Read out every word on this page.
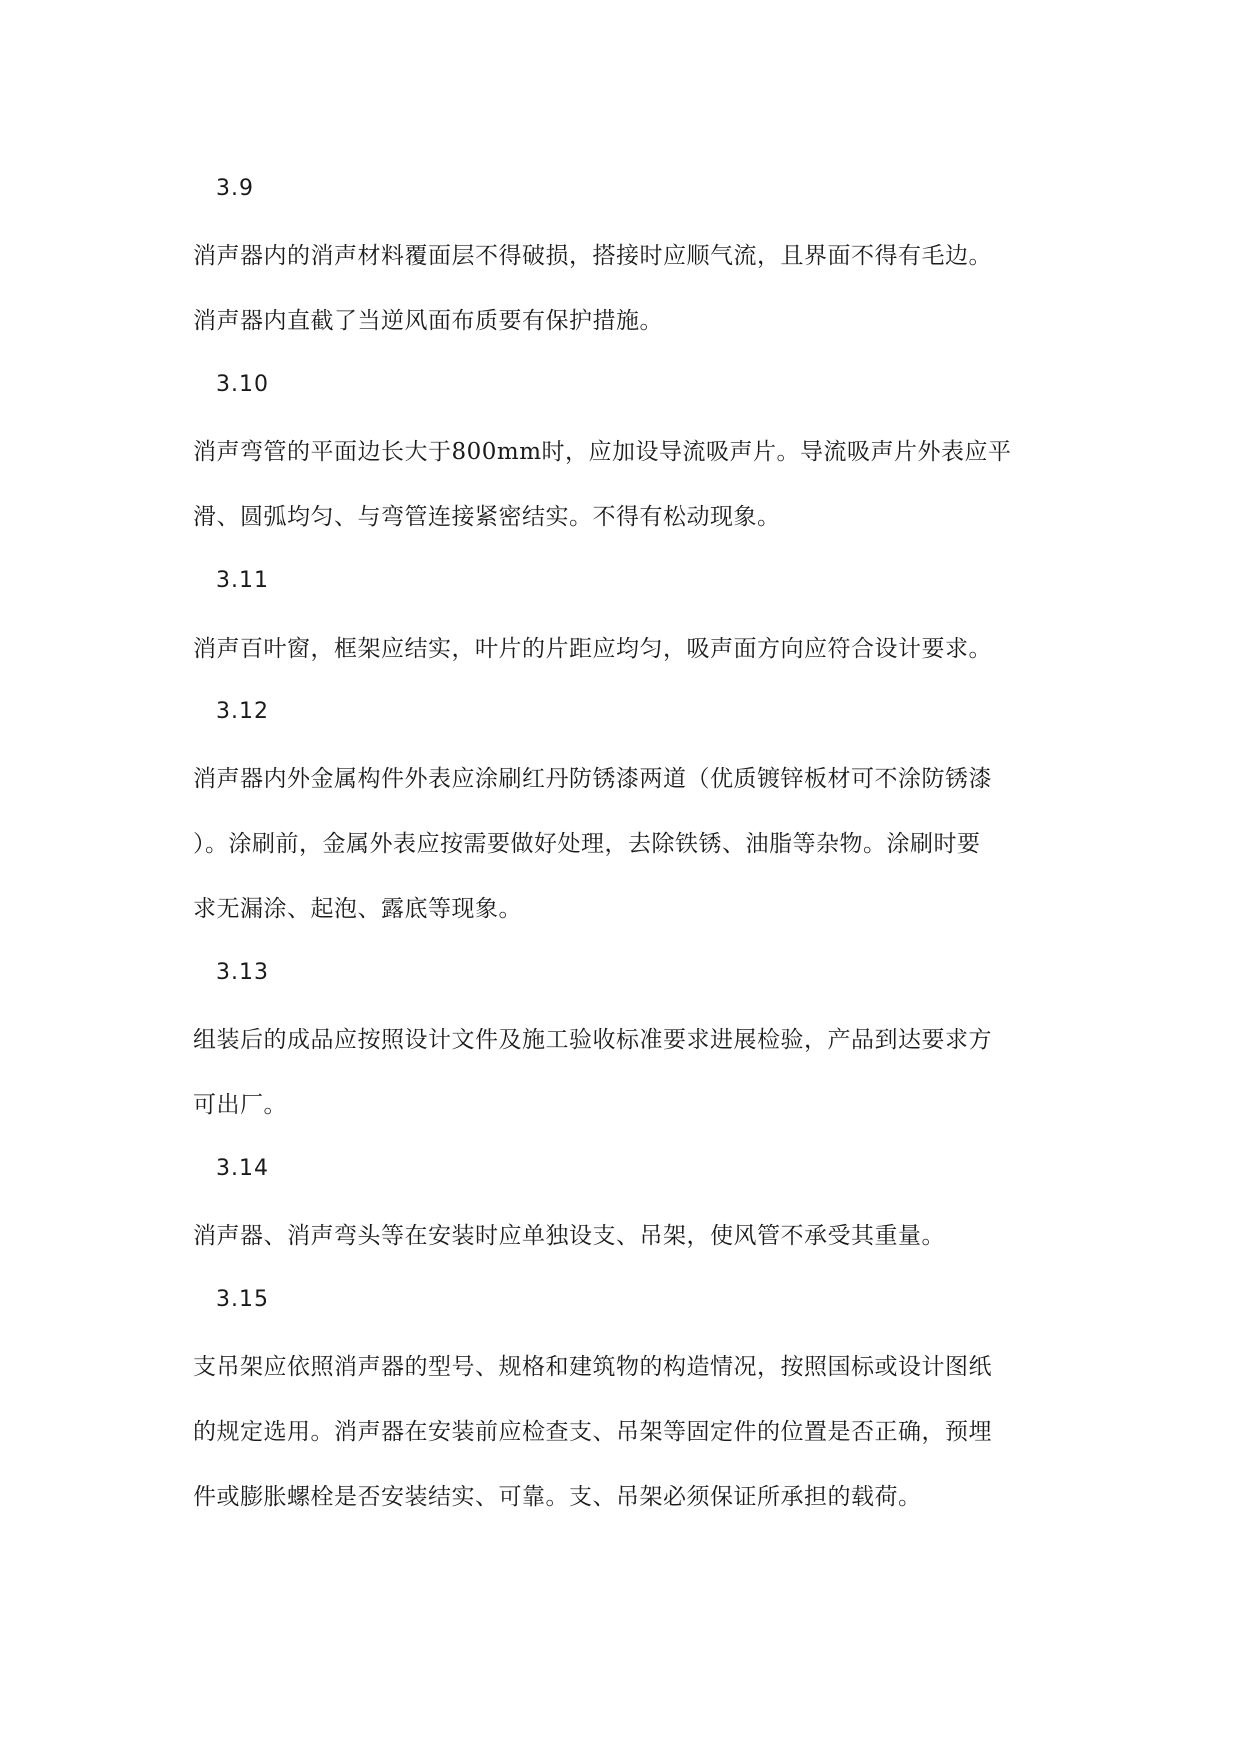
3.9
消声器内的消声材料覆面层不得破损，搭接时应顺气流，且界面不得有毛边。
消声器内直截了当逆风面布质要有保护措施。
3.10
消声弯管的平面边长大于800mm时，应加设导流吸声片。导流吸声片外表应平
滑、圆弧均匀、与弯管连接紧密结实。不得有松动现象。
3.11
消声百叶窗，框架应结实，叶片的片距应均匀，吸声面方向应符合设计要求。
3.12
消声器内外金属构件外表应涂刷红丹防锈漆两道（优质镀锌板材可不涂防锈漆
）。涂刷前，金属外表应按需要做好处理，去除铁锈、油脂等杂物。涂刷时要
求无漏涂、起泡、露底等现象。
3.13
组装后的成品应按照设计文件及施工验收标准要求进展检验，产品到达要求方
可出厂。
3.14
消声器、消声弯头等在安装时应单独设支、吊架，使风管不承受其重量。
3.15
支吊架应依照消声器的型号、规格和建筑物的构造情况，按照国标或设计图纸
的规定选用。消声器在安装前应检查支、吊架等固定件的位置是否正确，预埋
件或膨胀螺栓是否安装结实、可靠。支、吊架必须保证所承担的载荷。
